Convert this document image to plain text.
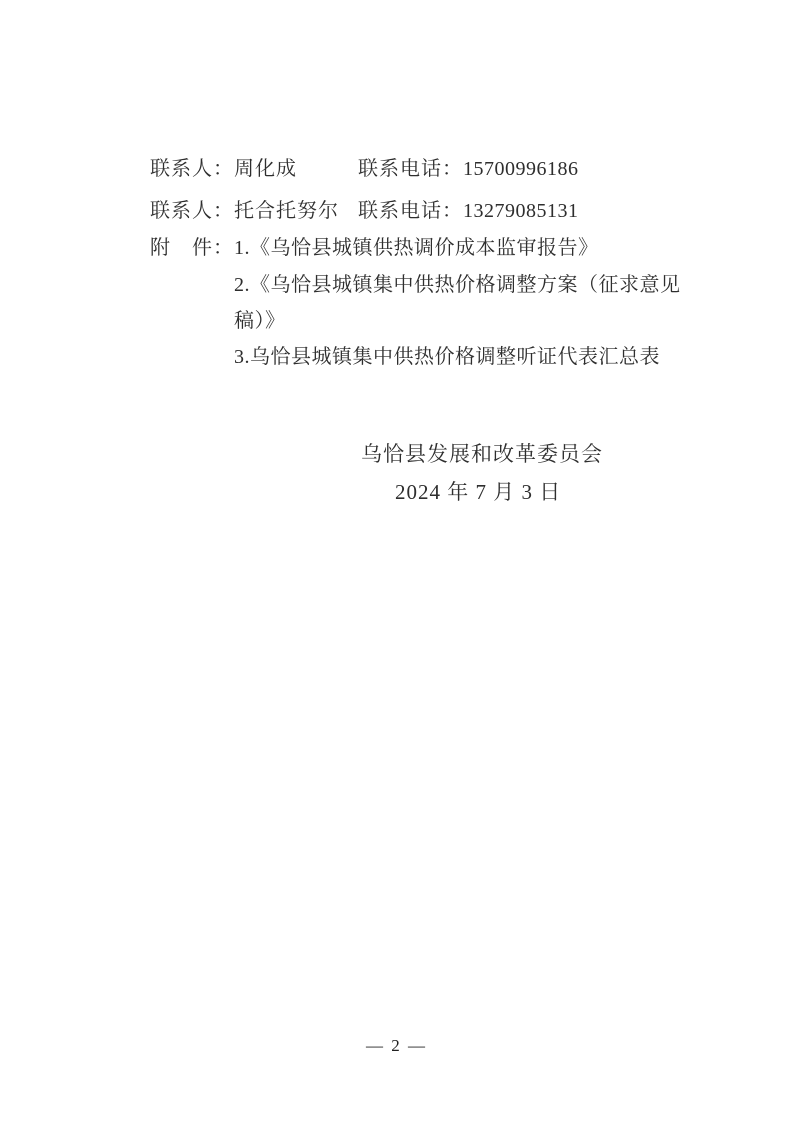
联系人：周化成	联系电话：15700996186
联系人：托合托努尔 联系电话：13279085131
附　件： 1.《乌恰县城镇供热调价成本监审报告》
2.《乌恰县城镇集中供热价格调整方案（征求意见
稿）》
3.乌恰县城镇集中供热价格调整听证代表汇总表
乌恰县发展和改革委员会
2024 年 7 月 3 日
— 2 —
